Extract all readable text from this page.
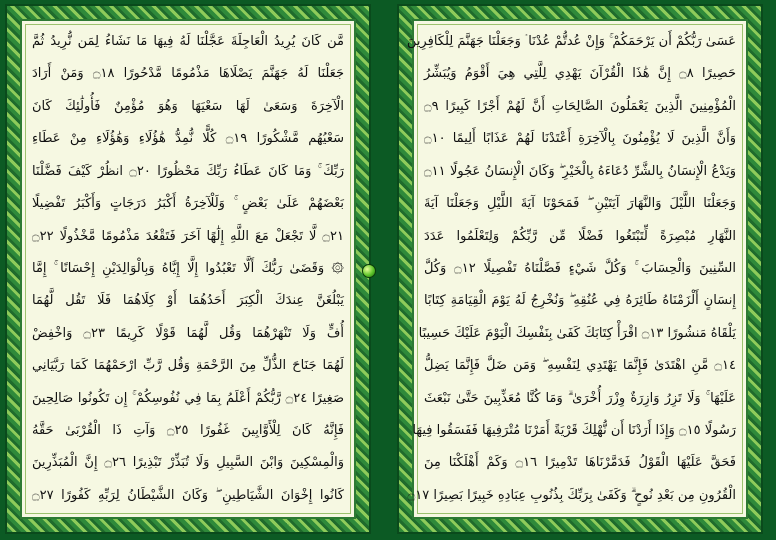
مَّن كَانَ يُرِيدُ الْعَاجِلَةَ عَجَّلْنَا لَهُ فِيهَا مَا نَشَاءُ لِمَن نُّرِيدُ ثُمَّ
جَعَلْنَا لَهُ جَهَنَّمَ يَصْلَاهَا مَذْمُومًا مَّدْحُورًا ۝١٨ وَمَنْ أَرَادَ
الْآخِرَةَ وَسَعَىٰ لَهَا سَعْيَهَا وَهُوَ مُؤْمِنٌ فَأُولَٰئِكَ كَانَ
سَعْيُهُم مَّشْكُورًا ۝١٩ كُلًّا نُّمِدُّ هَٰؤُلَاءِ وَهَٰؤُلَاءِ مِنْ عَطَاءِ
رَبِّكَ ۚ وَمَا كَانَ عَطَاءُ رَبِّكَ مَحْظُورًا ۝٢٠ انظُرْ كَيْفَ فَضَّلْنَا
بَعْضَهُمْ عَلَىٰ بَعْضٍ ۚ وَلَلْآخِرَةُ أَكْبَرُ دَرَجَاتٍ وَأَكْبَرُ تَفْضِيلًا
۝٢١ لَّا تَجْعَلْ مَعَ اللَّهِ إِلَٰهًا آخَرَ فَتَقْعُدَ مَذْمُومًا مَّخْذُولًا ۝٢٢
۞ وَقَضَىٰ رَبُّكَ أَلَّا تَعْبُدُوا إِلَّا إِيَّاهُ وَبِالْوَالِدَيْنِ إِحْسَانًا ۚ إِمَّا
يَبْلُغَنَّ عِندَكَ الْكِبَرَ أَحَدُهُمَا أَوْ كِلَاهُمَا فَلَا تَقُل لَّهُمَا
أُفٍّ وَلَا تَنْهَرْهُمَا وَقُل لَّهُمَا قَوْلًا كَرِيمًا ۝٢٣ وَاخْفِضْ
لَهُمَا جَنَاحَ الذُّلِّ مِنَ الرَّحْمَةِ وَقُل رَّبِّ ارْحَمْهُمَا كَمَا رَبَّيَانِي
صَغِيرًا ۝٢٤ رَّبُّكُمْ أَعْلَمُ بِمَا فِي نُفُوسِكُمْ ۚ إِن تَكُونُوا صَالِحِينَ
فَإِنَّهُ كَانَ لِلْأَوَّابِينَ غَفُورًا ۝٢٥ وَآتِ ذَا الْقُرْبَىٰ حَقَّهُ
وَالْمِسْكِينَ وَابْنَ السَّبِيلِ وَلَا تُبَذِّرْ تَبْذِيرًا ۝٢٦ إِنَّ الْمُبَذِّرِينَ
كَانُوا إِخْوَانَ الشَّيَاطِينِ ۖ وَكَانَ الشَّيْطَانُ لِرَبِّهِ كَفُورًا ۝٢٧
عَسَىٰ رَبُّكُمْ أَن يَرْحَمَكُمْ ۚ وَإِنْ عُدتُّمْ عُدْنَا ۘ وَجَعَلْنَا جَهَنَّمَ لِلْكَافِرِينَ
حَصِيرًا ۝٨ إِنَّ هَٰذَا الْقُرْآنَ يَهْدِي لِلَّتِي هِيَ أَقْوَمُ وَيُبَشِّرُ
الْمُؤْمِنِينَ الَّذِينَ يَعْمَلُونَ الصَّالِحَاتِ أَنَّ لَهُمْ أَجْرًا كَبِيرًا ۝٩
وَأَنَّ الَّذِينَ لَا يُؤْمِنُونَ بِالْآخِرَةِ أَعْتَدْنَا لَهُمْ عَذَابًا أَلِيمًا ۝١٠
وَيَدْعُ الْإِنسَانُ بِالشَّرِّ دُعَاءَهُ بِالْخَيْرِ ۖ وَكَانَ الْإِنسَانُ عَجُولًا ۝١١
وَجَعَلْنَا اللَّيْلَ وَالنَّهَارَ آيَتَيْنِ ۖ فَمَحَوْنَا آيَةَ اللَّيْلِ وَجَعَلْنَا آيَةَ
النَّهَارِ مُبْصِرَةً لِّتَبْتَغُوا فَضْلًا مِّن رَّبِّكُمْ وَلِتَعْلَمُوا عَدَدَ
السِّنِينَ وَالْحِسَابَ ۚ وَكُلَّ شَيْءٍ فَصَّلْنَاهُ تَفْصِيلًا ۝١٢ وَكُلَّ
إِنسَانٍ أَلْزَمْنَاهُ طَائِرَهُ فِي عُنُقِهِ ۖ وَنُخْرِجُ لَهُ يَوْمَ الْقِيَامَةِ كِتَابًا
يَلْقَاهُ مَنشُورًا ۝١٣ اقْرَأْ كِتَابَكَ كَفَىٰ بِنَفْسِكَ الْيَوْمَ عَلَيْكَ حَسِيبًا
۝١٤ مَّنِ اهْتَدَىٰ فَإِنَّمَا يَهْتَدِي لِنَفْسِهِ ۖ وَمَن ضَلَّ فَإِنَّمَا يَضِلُّ
عَلَيْهَا ۚ وَلَا تَزِرُ وَازِرَةٌ وِزْرَ أُخْرَىٰ ۗ وَمَا كُنَّا مُعَذِّبِينَ حَتَّىٰ نَبْعَثَ
رَسُولًا ۝١٥ وَإِذَا أَرَدْنَا أَن نُّهْلِكَ قَرْيَةً أَمَرْنَا مُتْرَفِيهَا فَفَسَقُوا فِيهَا
فَحَقَّ عَلَيْهَا الْقَوْلُ فَدَمَّرْنَاهَا تَدْمِيرًا ۝١٦ وَكَمْ أَهْلَكْنَا مِنَ
الْقُرُونِ مِن بَعْدِ نُوحٍ ۗ وَكَفَىٰ بِرَبِّكَ بِذُنُوبِ عِبَادِهِ خَبِيرًا بَصِيرًا ۝١٧
